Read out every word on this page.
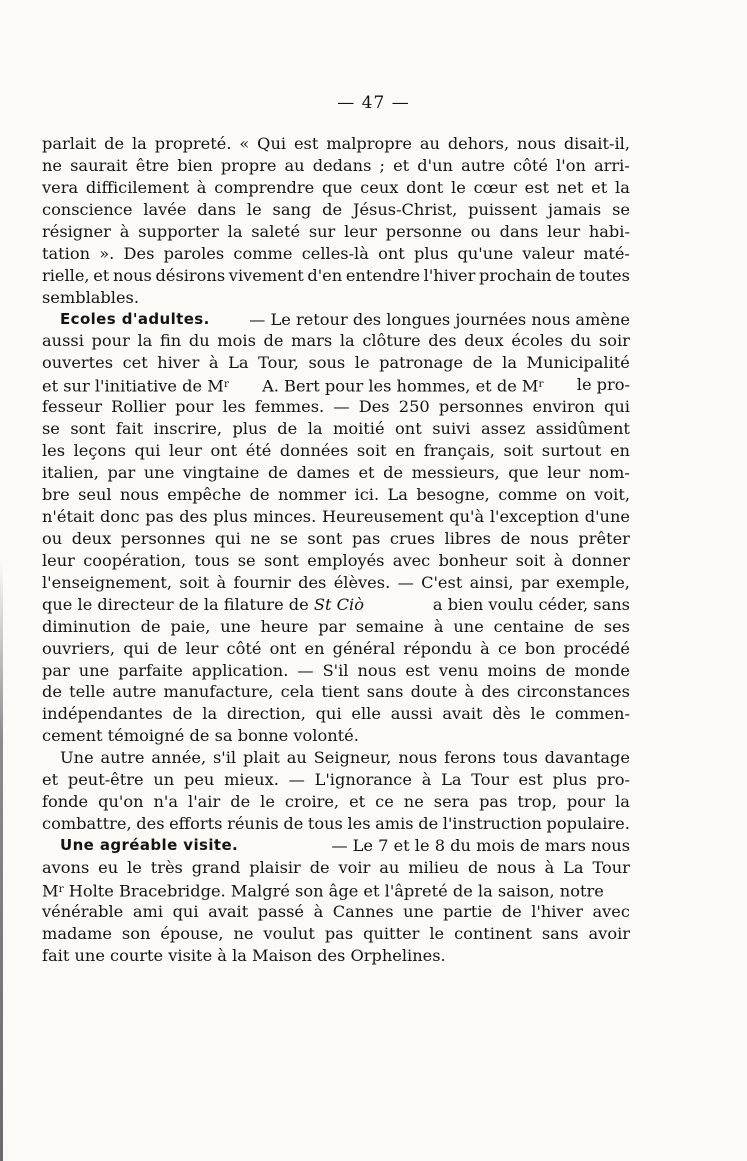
— 47 —
parlait de la propreté. « Qui est malpropre au dehors, nous disait-il,
ne saurait être bien propre au dedans ; et d'un autre côté l'on arri-
vera difficilement à comprendre que ceux dont le cœur est net et la
conscience lavée dans le sang de Jésus-Christ, puissent jamais se
résigner à supporter la saleté sur leur personne ou dans leur habi-
tation ». Des paroles comme celles-là ont plus qu'une valeur maté-
rielle, et nous désirons vivement d'en entendre l'hiver prochain de toutes
semblables.
Ecoles d'adultes. — Le retour des longues journées nous amène
aussi pour la fin du mois de mars la clôture des deux écoles du soir
ouvertes cet hiver à La Tour, sous le patronage de la Municipalité
et sur l'initiative de $M^r$ A. Bert pour les hommes, et de $M^r$ le pro-
fesseur Rollier pour les femmes. — Des 250 personnes environ qui
se sont fait inscrire, plus de la moitié ont suivi assez assidûment
les leçons qui leur ont été données soit en français, soit surtout en
italien, par une vingtaine de dames et de messieurs, que leur nom-
bre seul nous empêche de nommer ici. La besogne, comme on voit,
n'était donc pas des plus minces. Heureusement qu'à l'exception d'une
ou deux personnes qui ne se sont pas crues libres de nous prêter
leur coopération, tous se sont employés avec bonheur soit à donner
l'enseignement, soit à fournir des élèves. — C'est ainsi, par exemple,
que le directeur de la filature de St Ciò	a bien voulu céder, sans
diminution de paie, une heure par semaine à une centaine de ses
ouvriers, qui de leur côté ont en général répondu à ce bon procédé
par une parfaite application. — S'il nous est venu moins de monde
de telle autre manufacture, cela tient sans doute à des circonstances
indépendantes de la direction, qui elle aussi avait dès le commen-
cement témoigné de sa bonne volonté.
Une autre année, s'il plait au Seigneur, nous ferons tous davantage
et peut-être un peu mieux. — L'ignorance à La Tour est plus pro-
fonde qu'on n'a l'air de le croire, et ce ne sera pas trop, pour la
combattre, des efforts réunis de tous les amis de l'instruction populaire.
Une agréable visite.	— Le 7 et le 8 du mois de mars nous
avons eu le très grand plaisir de voir au milieu de nous à La Tour
$M^r$ Holte Bracebridge. Malgré son âge et l'âpreté de la saison, notre
vénérable ami qui avait passé à Cannes une partie de l'hiver avec
madame son épouse, ne voulut pas quitter le continent sans avoir
fait une courte visite à la Maison des Orphelines.
